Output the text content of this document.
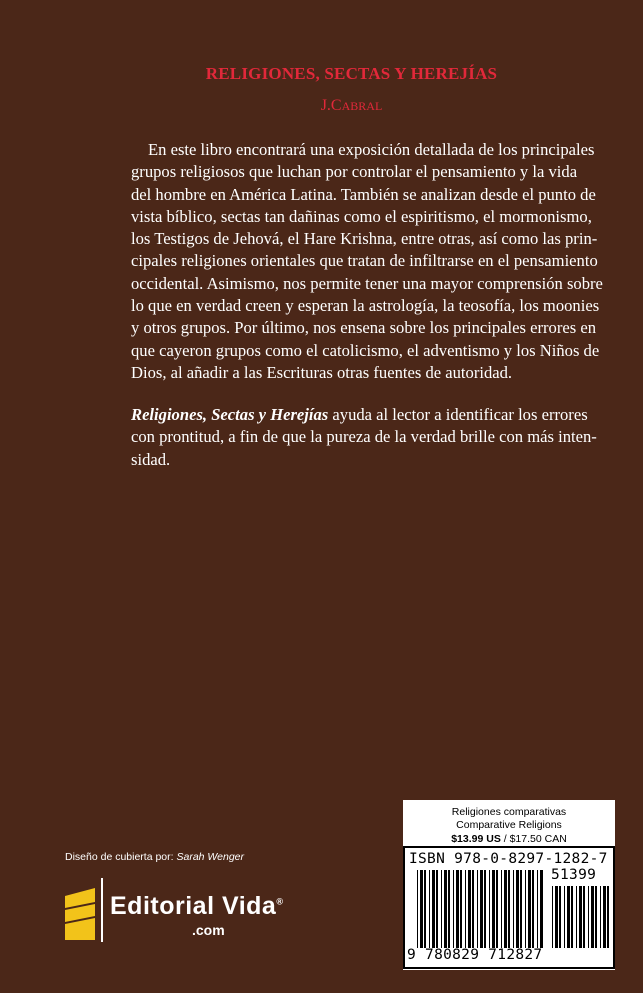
RELIGIONES, SECTAS Y HEREJÍAS
J.CABRAL
En este libro encontrará una exposición detallada de los principales
grupos religiosos que luchan por controlar el pensamiento y la vida
del hombre en América Latina. También se analizan desde el punto de
vista bíblico, sectas tan dañinas como el espiritismo, el mormonismo,
los Testigos de Jehová, el Hare Krishna, entre otras, así como las prin-
cipales religiones orientales que tratan de infiltrarse en el pensamiento
occidental. Asimismo, nos permite tener una mayor comprensión sobre
lo que en verdad creen y esperan la astrología, la teosofía, los moonies
y otros grupos. Por último, nos ensena sobre los principales errores en
que cayeron grupos como el catolicismo, el adventismo y los Niños de
Dios, al añadir a las Escrituras otras fuentes de autoridad.
Religiones, Sectas y Herejías ayuda al lector a identificar los errores
con prontitud, a fin de que la pureza de la verdad brille con más inten-
sidad.
Diseño de cubierta por: Sarah Wenger
Editorial Vida®
.com
Religiones comparativas
Comparative Religions
$13.99 US / $17.50 CAN
ISBN 978-0-8297-1282-7
51399
9 780829 712827
